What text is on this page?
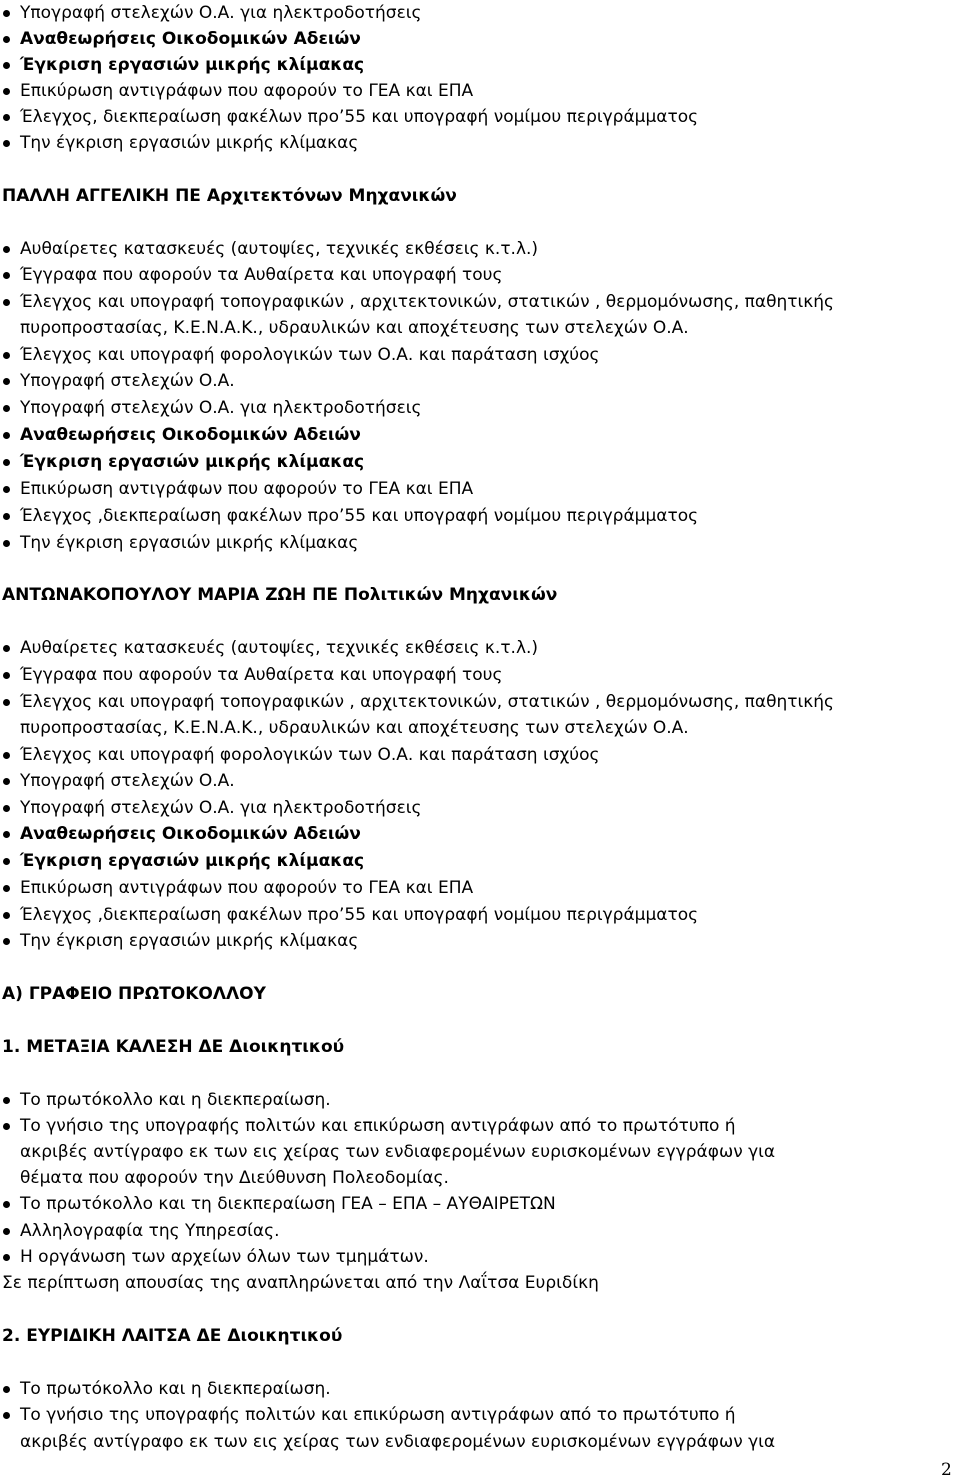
Υπογραφή στελεχών Ο.Α. για ηλεκτροδοτήσεις
Αναθεωρήσεις Οικοδομικών Αδειών
Έγκριση εργασιών μικρής κλίμακας
Επικύρωση αντιγράφων που αφορούν το ΓΕΑ και ΕΠΑ
Έλεγχος, διεκπεραίωση φακέλων προ’55 και υπογραφή νομίμου περιγράμματος
Την έγκριση εργασιών μικρής κλίμακας
ΠΑΛΛΗ ΑΓΓΕΛΙΚΗ ΠΕ Αρχιτεκτόνων Μηχανικών
Αυθαίρετες κατασκευές (αυτοψίες, τεχνικές εκθέσεις κ.τ.λ.)
Έγγραφα που αφορούν τα Αυθαίρετα και υπογραφή τους
Έλεγχος και υπογραφή τοπογραφικών , αρχιτεκτονικών, στατικών , θερμομόνωσης, παθητικής
πυροπροστασίας, Κ.Ε.Ν.Α.Κ., υδραυλικών και αποχέτευσης των στελεχών Ο.Α.
Έλεγχος και υπογραφή φορολογικών των Ο.Α. και παράταση ισχύος
Υπογραφή στελεχών Ο.Α.
Υπογραφή στελεχών Ο.Α. για ηλεκτροδοτήσεις
Αναθεωρήσεις Οικοδομικών Αδειών
Έγκριση εργασιών μικρής κλίμακας
Επικύρωση αντιγράφων που αφορούν το ΓΕΑ και ΕΠΑ
Έλεγχος ,διεκπεραίωση φακέλων προ’55 και υπογραφή νομίμου περιγράμματος
Την έγκριση εργασιών μικρής κλίμακας
ΑΝΤΩΝΑΚΟΠΟΥΛΟΥ ΜΑΡΙΑ ΖΩΗ ΠΕ Πολιτικών Μηχανικών
Αυθαίρετες κατασκευές (αυτοψίες, τεχνικές εκθέσεις κ.τ.λ.)
Έγγραφα που αφορούν τα Αυθαίρετα και υπογραφή τους
Έλεγχος και υπογραφή τοπογραφικών , αρχιτεκτονικών, στατικών , θερμομόνωσης, παθητικής
πυροπροστασίας, Κ.Ε.Ν.Α.Κ., υδραυλικών και αποχέτευσης των στελεχών Ο.Α.
Έλεγχος και υπογραφή φορολογικών των Ο.Α. και παράταση ισχύος
Υπογραφή στελεχών Ο.Α.
Υπογραφή στελεχών Ο.Α. για ηλεκτροδοτήσεις
Αναθεωρήσεις Οικοδομικών Αδειών
Έγκριση εργασιών μικρής κλίμακας
Επικύρωση αντιγράφων που αφορούν το ΓΕΑ και ΕΠΑ
Έλεγχος ,διεκπεραίωση φακέλων προ’55 και υπογραφή νομίμου περιγράμματος
Την έγκριση εργασιών μικρής κλίμακας
Α) ΓΡΑΦΕΙΟ ΠΡΩΤΟΚΟΛΛΟΥ
1. ΜΕΤΑΞΙΑ ΚΑΛΕΣΗ ΔΕ Διοικητικού
Το πρωτόκολλο και η διεκπεραίωση.
Το γνήσιο της υπογραφής πολιτών και επικύρωση αντιγράφων από το πρωτότυπο ή
ακριβές αντίγραφο εκ των εις χείρας των ενδιαφερομένων ευρισκομένων εγγράφων για
θέματα που αφορούν την Διεύθυνση Πολεοδομίας.
Το πρωτόκολλο και τη διεκπεραίωση ΓΕΑ – ΕΠΑ – ΑΥΘΑΙΡΕΤΩΝ
Αλληλογραφία της Υπηρεσίας.
Η οργάνωση των αρχείων όλων των τμημάτων.
Σε περίπτωση απουσίας της αναπληρώνεται από την Λαΐτσα Ευριδίκη
2. ΕΥΡΙΔΙΚΗ ΛΑΙΤΣΑ ΔΕ Διοικητικού
Το πρωτόκολλο και η διεκπεραίωση.
Το γνήσιο της υπογραφής πολιτών και επικύρωση αντιγράφων από το πρωτότυπο ή
ακριβές αντίγραφο εκ των εις χείρας των ενδιαφερομένων ευρισκομένων εγγράφων για
2
